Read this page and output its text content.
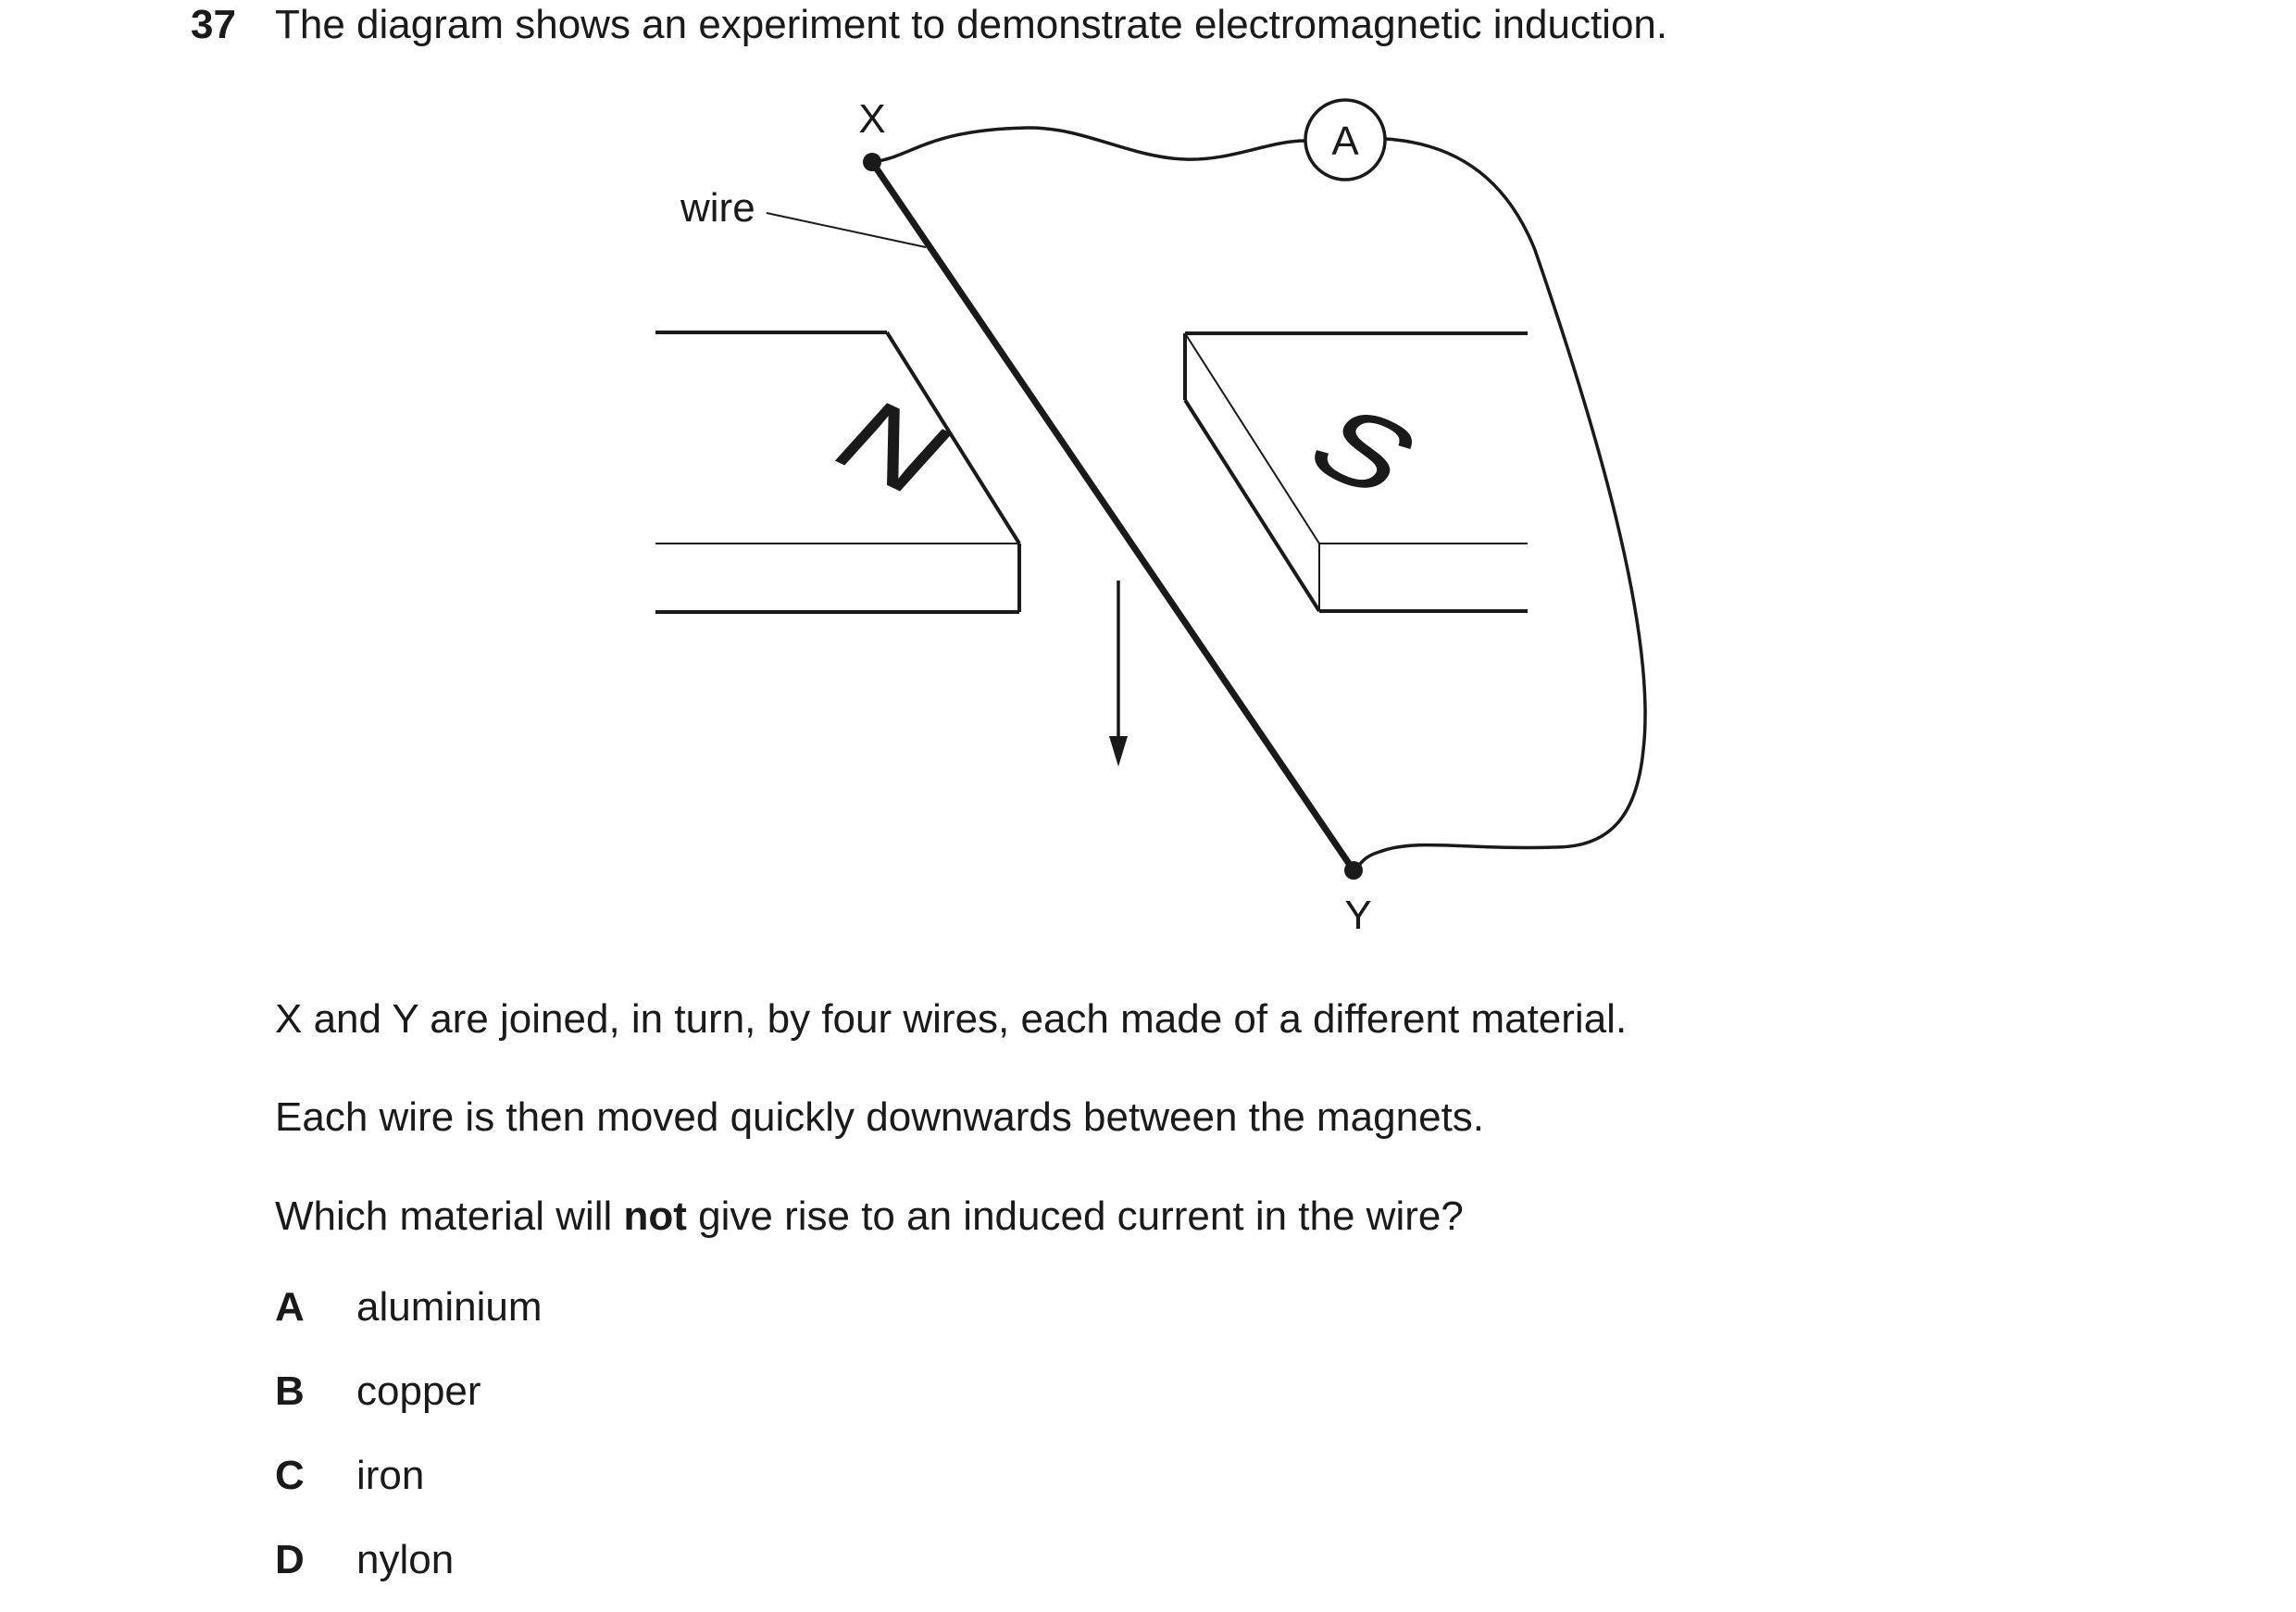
37 The diagram shows an experiment to demonstrate electromagnetic induction.
N S
A
X
Y
wire
X and Y are joined, in turn, by four wires, each made of a different material.
Each wire is then moved quickly downwards between the magnets.
Which material will not give rise to an induced current in the wire?
A aluminium
B copper
C iron
D nylon
